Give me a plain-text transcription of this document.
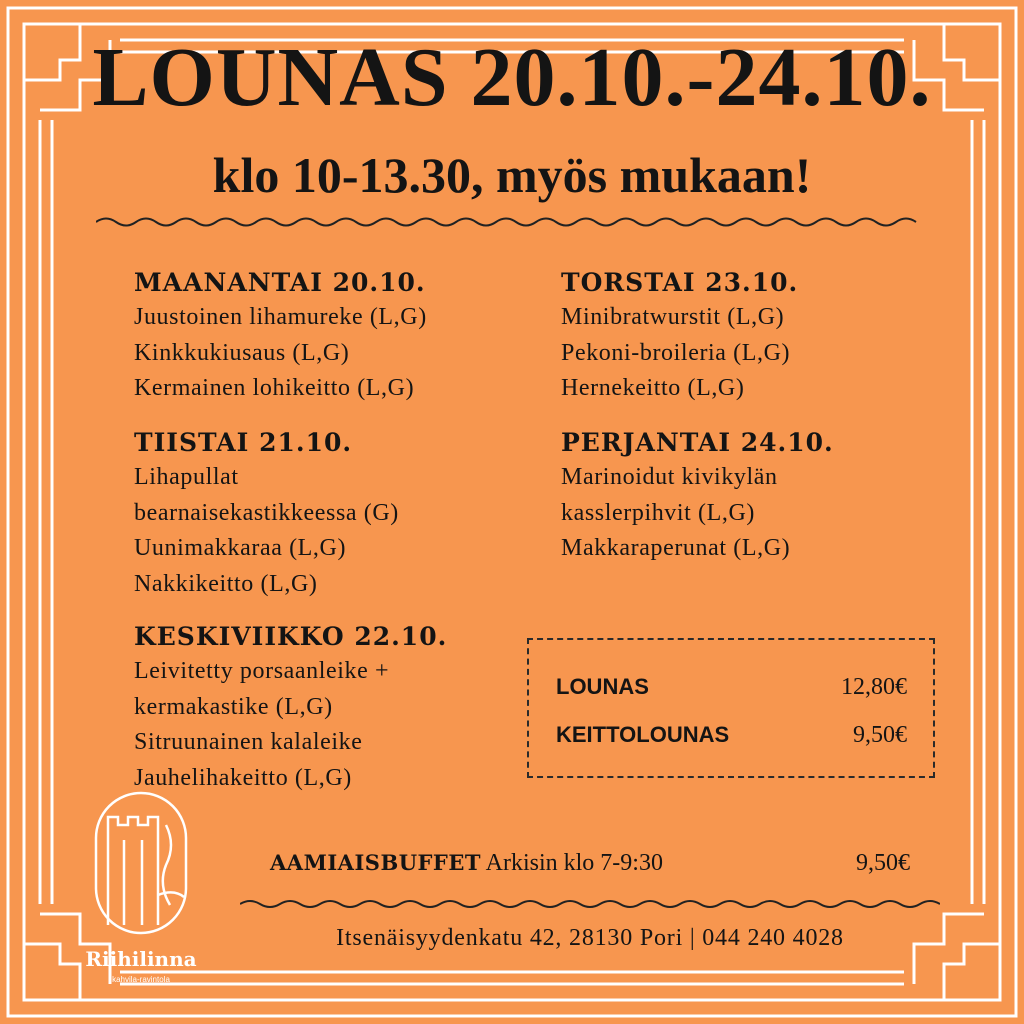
LOUNAS 20.10.-24.10.
klo 10-13.30, myös mukaan!
MAANANTAI 20.10.
Juustoinen lihamureke (L,G)
Kinkkukiusaus (L,G)
Kermainen lohikeitto (L,G)
TIISTAI 21.10.
Lihapullat
bearnaisekastikkeessa (G)
Uunimakkaraa (L,G)
Nakkikeitto (L,G)
KESKIVIIKKO 22.10.
Leivitetty porsaanleike +
kermakastike (L,G)
Sitruunainen kalaleike
Jauhelihakeitto (L,G)
TORSTAI 23.10.
Minibratwurstit (L,G)
Pekoni-broileria (L,G)
Hernekeitto (L,G)
PERJANTAI 24.10.
Marinoidut kivikylän
kasslerpihvit (L,G)
Makkaraperunat (L,G)
LOUNAS	12,80€
KEITTOLOUNAS	9,50€
AAMIAISBUFFET Arkisin klo 7-9:30	9,50€
Itsenäisyydenkatu 42, 28130 Pori | 044 240 4028
Riihilinna
kahvila-ravintola
